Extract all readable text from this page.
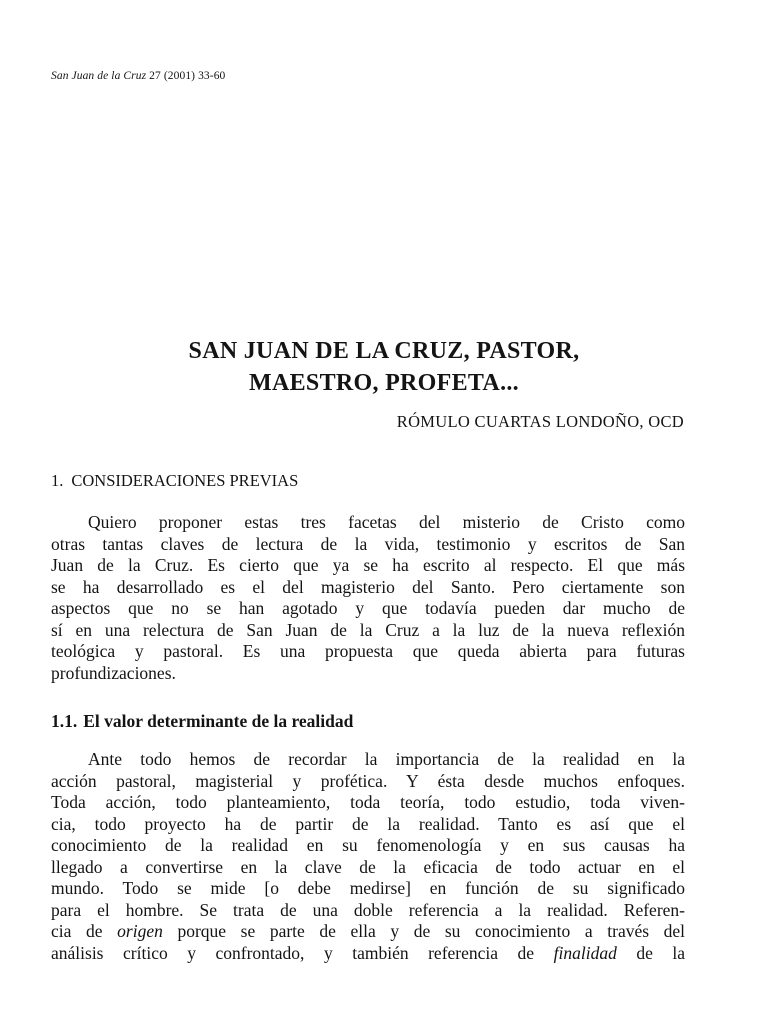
San Juan de la Cruz 27 (2001) 33-60
SAN JUAN DE LA CRUZ, PASTOR,
MAESTRO, PROFETA...
RÓMULO CUARTAS LONDOÑO, OCD
1. CONSIDERACIONES PREVIAS
Quiero proponer estas tres facetas del misterio de Cristo como
otras tantas claves de lectura de la vida, testimonio y escritos de San
Juan de la Cruz. Es cierto que ya se ha escrito al respecto. El que más
se ha desarrollado es el del magisterio del Santo. Pero ciertamente son
aspectos que no se han agotado y que todavía pueden dar mucho de
sí en una relectura de San Juan de la Cruz a la luz de la nueva reflexión
teológica y pastoral. Es una propuesta que queda abierta para futuras
profundizaciones.
1.1. El valor determinante de la realidad
Ante todo hemos de recordar la importancia de la realidad en la
acción pastoral, magisterial y profética. Y ésta desde muchos enfoques.
Toda acción, todo planteamiento, toda teoría, todo estudio, toda viven-
cia, todo proyecto ha de partir de la realidad. Tanto es así que el
conocimiento de la realidad en su fenomenología y en sus causas ha
llegado a convertirse en la clave de la eficacia de todo actuar en el
mundo. Todo se mide [o debe medirse] en función de su significado
para el hombre. Se trata de una doble referencia a la realidad. Referen-
cia de origen porque se parte de ella y de su conocimiento a través del
análisis crítico y confrontado, y también referencia de finalidad de la
